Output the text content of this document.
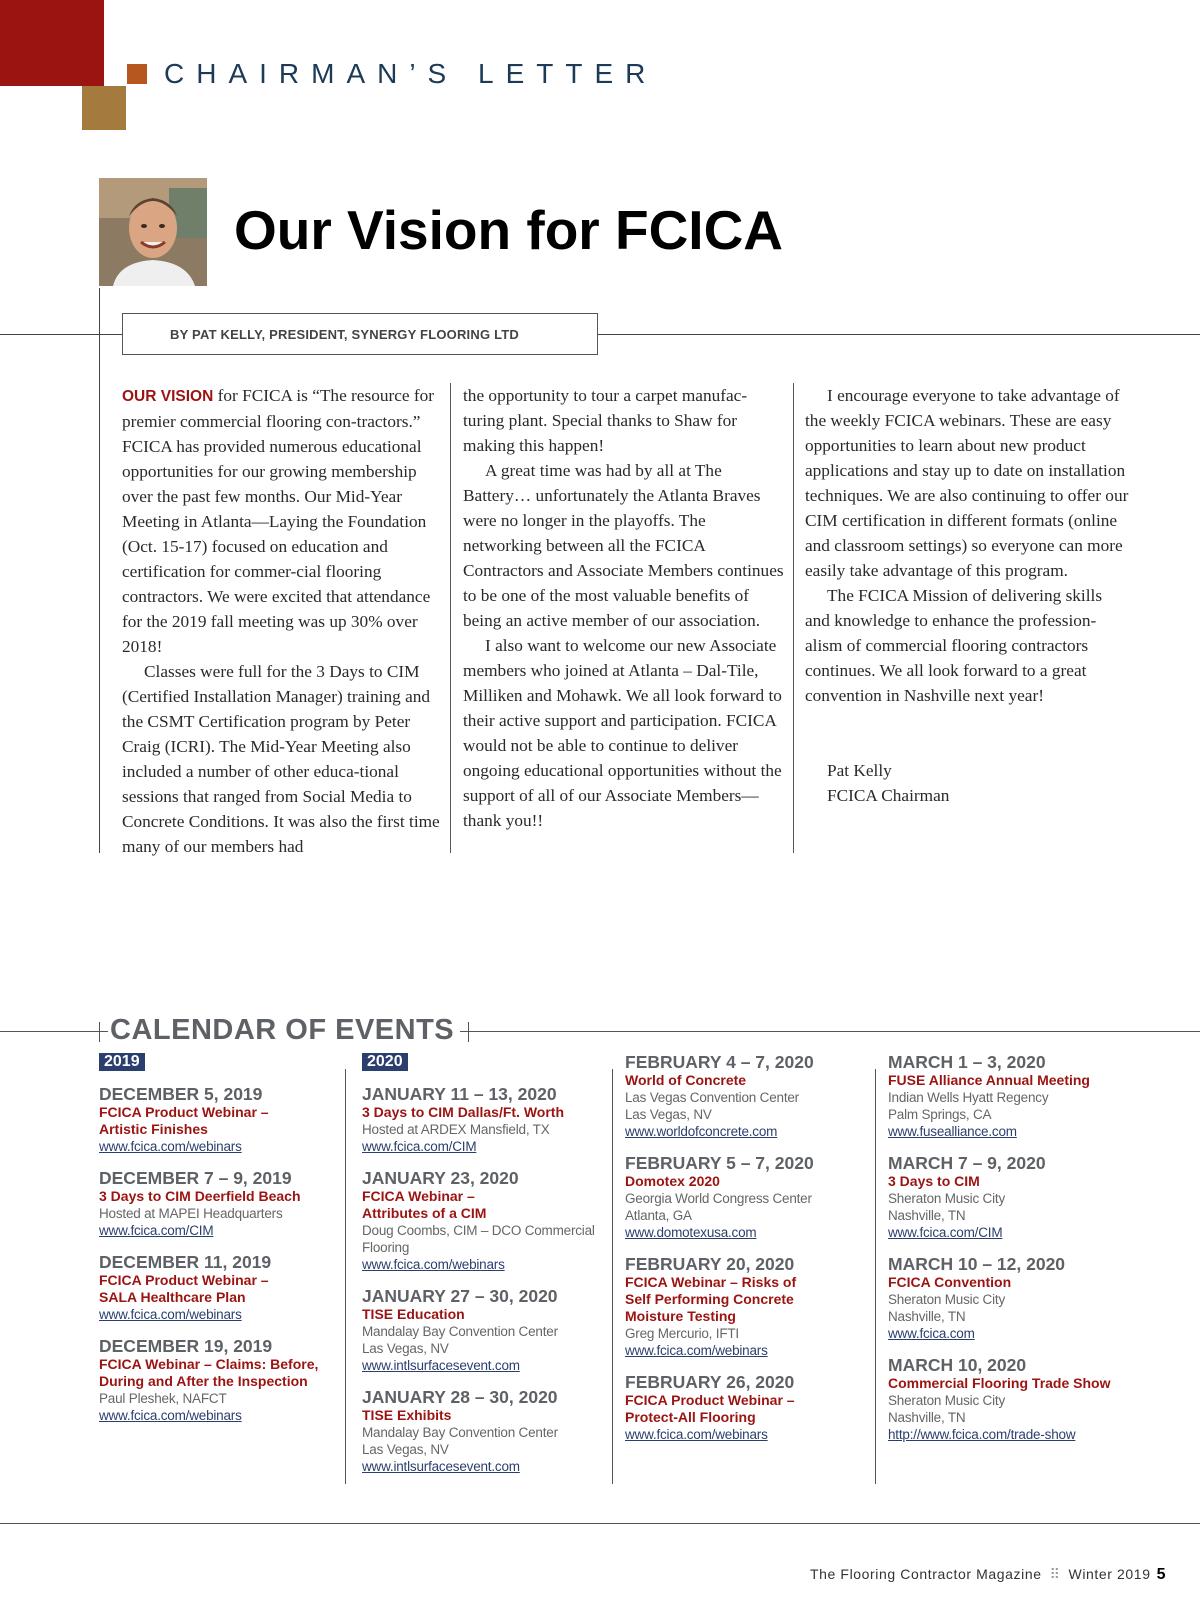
CHAIRMAN’S LETTER
Our Vision for FCICA
BY PAT KELLY, PRESIDENT, SYNERGY FLOORING LTD

OUR VISION for FCICA is “The resource for premier commercial flooring con-tractors.” FCICA has provided numerous educational opportunities for our growing membership over the past few months. Our Mid-Year Meeting in Atlanta—Laying the Foundation (Oct. 15-17) focused on education and certification for commer-cial flooring contractors. We were excited that attendance for the 2019 fall meeting was up 30% over 2018!

Classes were full for the 3 Days to CIM (Certified Installation Manager) training and the CSMT Certification program by Peter Craig (ICRI). The Mid-Year Meeting also included a number of other educa-tional sessions that ranged from Social Media to Concrete Conditions. It was also the first time many of our members had

the opportunity to tour a carpet manufac-turing plant. Special thanks to Shaw for making this happen!

A great time was had by all at The Battery… unfortunately the Atlanta Braves were no longer in the playoffs. The networking between all the FCICA Contractors and Associate Members continues to be one of the most valuable benefits of being an active member of our association.

I also want to welcome our new Associate members who joined at Atlanta – Dal-Tile, Milliken and Mohawk. We all look forward to their active support and participation. FCICA would not be able to continue to deliver ongoing educational opportunities without the support of all of our Associate Members—thank you!!

I encourage everyone to take advantage of the weekly FCICA webinars. These are easy opportunities to learn about new product applications and stay up to date on installation techniques. We are also continuing to offer our CIM certification in different formats (online and classroom settings) so everyone can more easily take advantage of this program.

The FCICA Mission of delivering skills and knowledge to enhance the profession-alism of commercial flooring contractors continues. We all look forward to a great convention in Nashville next year!

Pat Kelly
FCICA Chairman
CALENDAR OF EVENTS
2019
DECEMBER 5, 2019
FCICA Product Webinar –
Artistic Finishes
www.fcica.com/webinars
DECEMBER 7 – 9, 2019
3 Days to CIM Deerfield Beach
Hosted at MAPEI Headquarters
www.fcica.com/CIM
DECEMBER 11, 2019
FCICA Product Webinar –
SALA Healthcare Plan
www.fcica.com/webinars
DECEMBER 19, 2019
FCICA Webinar – Claims: Before,
During and After the Inspection
Paul Pleshek, NAFCT
www.fcica.com/webinars
2020
JANUARY 11 – 13, 2020
3 Days to CIM Dallas/Ft. Worth
Hosted at ARDEX Mansfield, TX
www.fcica.com/CIM
JANUARY 23, 2020
FCICA Webinar –
Attributes of a CIM
Doug Coombs, CIM – DCO Commercial
Flooring
www.fcica.com/webinars
JANUARY 27 – 30, 2020
TISE Education
Mandalay Bay Convention Center
Las Vegas, NV
www.intlsurfacesevent.com
JANUARY 28 – 30, 2020
TISE Exhibits
Mandalay Bay Convention Center
Las Vegas, NV
www.intlsurfacesevent.com
FEBRUARY 4 – 7, 2020
World of Concrete
Las Vegas Convention Center
Las Vegas, NV
www.worldofconcrete.com
FEBRUARY 5 – 7, 2020
Domotex 2020
Georgia World Congress Center
Atlanta, GA
www.domotexusa.com
FEBRUARY 20, 2020
FCICA Webinar – Risks of
Self Performing Concrete
Moisture Testing
Greg Mercurio, IFTI
www.fcica.com/webinars
FEBRUARY 26, 2020
FCICA Product Webinar –
Protect-All Flooring
www.fcica.com/webinars
MARCH 1 – 3, 2020
FUSE Alliance Annual Meeting
Indian Wells Hyatt Regency
Palm Springs, CA
www.fusealliance.com
MARCH 7 – 9, 2020
3 Days to CIM
Sheraton Music City
Nashville, TN
www.fcica.com/CIM
MARCH 10 – 12, 2020
FCICA Convention
Sheraton Music City
Nashville, TN
www.fcica.com
MARCH 10, 2020
Commercial Flooring Trade Show
Sheraton Music City
Nashville, TN
http://www.fcica.com/trade-show
The Flooring Contractor Magazine ⠿ Winter 2019 5
